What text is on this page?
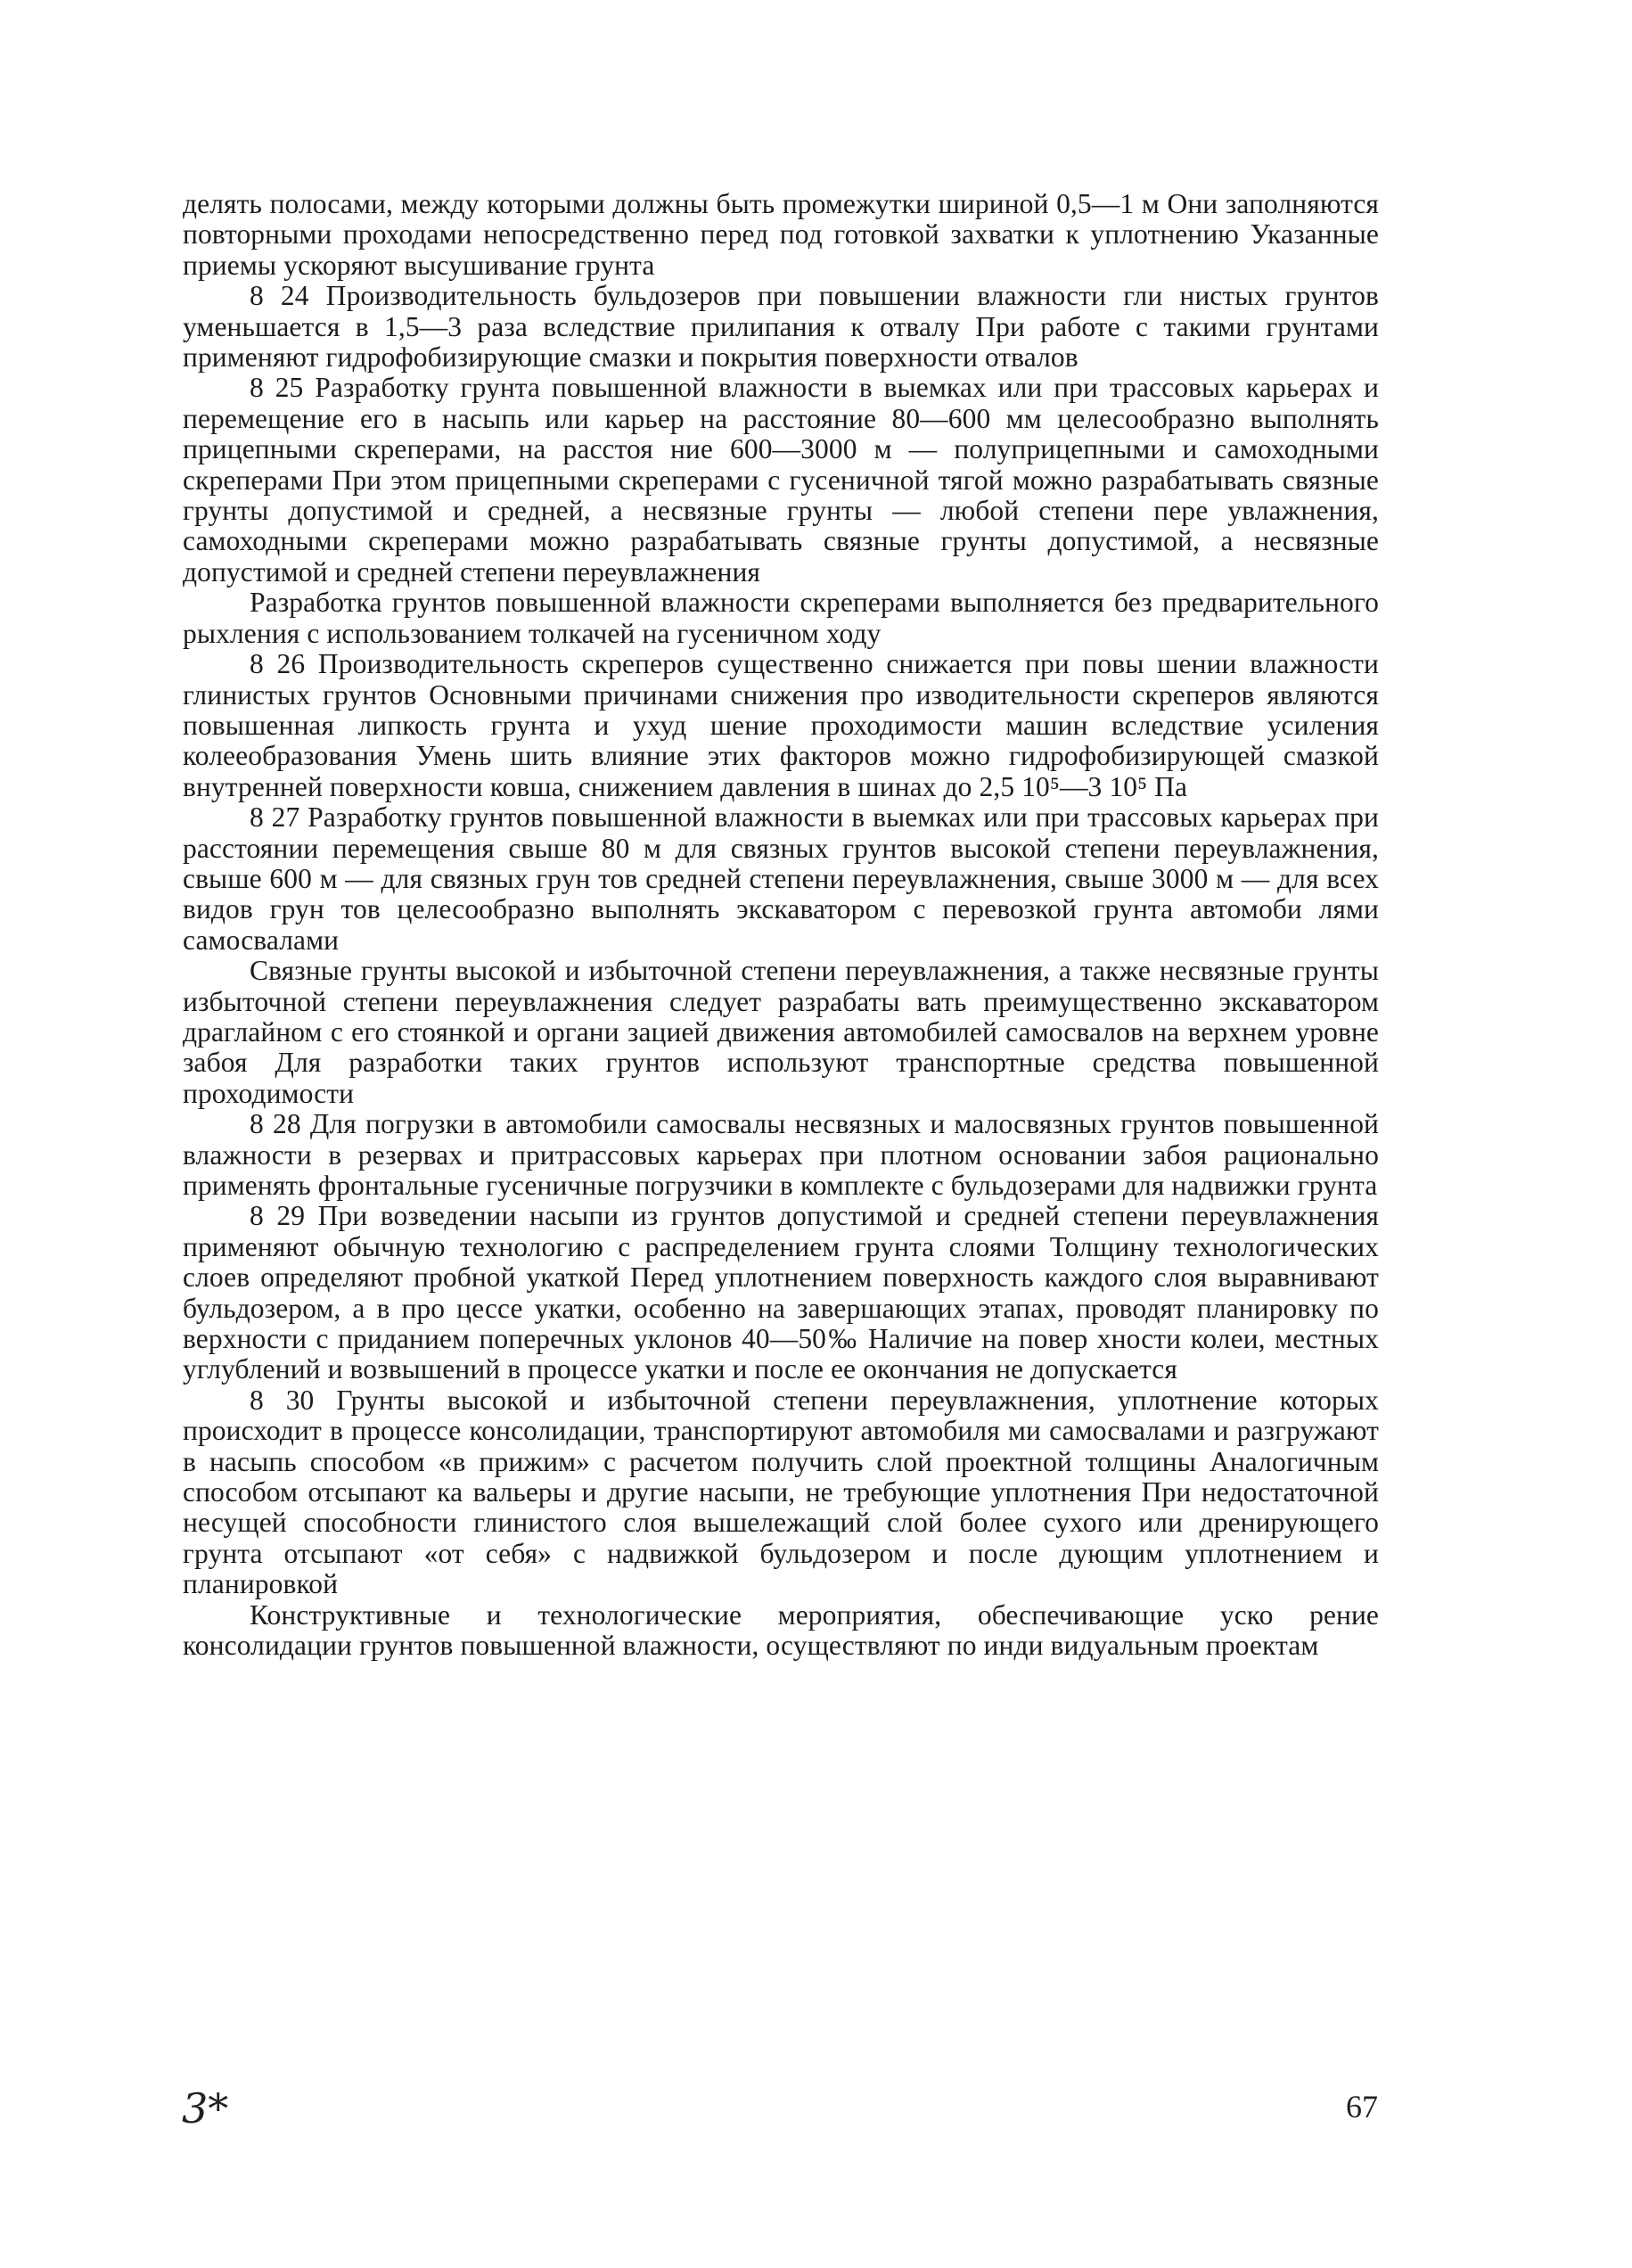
делять полосами, между которыми должны быть промежутки шириной 0,5—1 м Они заполняются повторными проходами непосредственно перед под готовкой захватки к уплотнению Указанные приемы ускоряют высушивание грунта

8 24 Производительность бульдозеров при повышении влажности гли нистых грунтов уменьшается в 1,5—3 раза вследствие прилипания к отвалу При работе с такими грунтами применяют гидрофобизирующие смазки и покрытия поверхности отвалов

8 25 Разработку грунта повышенной влажности в выемках или при трассовых карьерах и перемещение его в насыпь или карьер на расстояние 80—600 мм целесообразно выполнять прицепными скреперами, на расстоя ние 600—3000 м — полуприцепными и самоходными скреперами При этом прицепными скреперами с гусеничной тягой можно разрабатывать связные грунты допустимой и средней, а несвязные грунты — любой степени пере увлажнения, самоходными скреперами можно разрабатывать связные грунты допустимой, а несвязные допустимой и средней степени переувлажнения

Разработка грунтов повышенной влажности скреперами выполняется без предварительного рыхления с использованием толкачей на гусеничном ходу

8 26 Производительность скреперов существенно снижается при повы шении влажности глинистых грунтов Основными причинами снижения про изводительности скреперов являются повышенная липкость грунта и ухуд шение проходимости машин вследствие усиления колееобразования Умень шить влияние этих факторов можно гидрофобизирующей смазкой внутренней поверхности ковша, снижением давления в шинах до 2,5 10⁵—3 10⁵ Па

8 27 Разработку грунтов повышенной влажности в выемках или при трассовых карьерах при расстоянии перемещения свыше 80 м для связных грунтов высокой степени переувлажнения, свыше 600 м — для связных грун тов средней степени переувлажнения, свыше 3000 м — для всех видов грун тов целесообразно выполнять экскаватором с перевозкой грунта автомоби лями самосвалами

Связные грунты высокой и избыточной степени переувлажнения, а также несвязные грунты избыточной степени переувлажнения следует разрабаты вать преимущественно экскаватором драглайном с его стоянкой и органи зацией движения автомобилей самосвалов на верхнем уровне забоя Для разработки таких грунтов используют транспортные средства повышенной проходимости

8 28 Для погрузки в автомобили самосвалы несвязных и малосвязных грунтов повышенной влажности в резервах и притрассовых карьерах при плотном основании забоя рационально применять фронтальные гусеничные погрузчики в комплекте с бульдозерами для надвижки грунта

8 29 При возведении насыпи из грунтов допустимой и средней степени переувлажнения применяют обычную технологию с распределением грунта слоями Толщину технологических слоев определяют пробной укаткой Перед уплотнением поверхность каждого слоя выравнивают бульдозером, а в про цессе укатки, особенно на завершающих этапах, проводят планировку по верхности с приданием поперечных уклонов 40—50‰ Наличие на повер хности колеи, местных углублений и возвышений в процессе укатки и после ее окончания не допускается

8 30 Грунты высокой и избыточной степени переувлажнения, уплотнение которых происходит в процессе консолидации, транспортируют автомобиля ми самосвалами и разгружают в насыпь способом «в прижим» с расчетом получить слой проектной толщины Аналогичным способом отсыпают ка вальеры и другие насыпи, не требующие уплотнения При недостаточной несущей способности глинистого слоя вышележащий слой более сухого или дренирующего грунта отсыпают «от себя» с надвижкой бульдозером и после дующим уплотнением и планировкой

Конструктивные и технологические мероприятия, обеспечивающие уско рение консолидации грунтов повышенной влажности, осуществляют по инди видуальным проектам

3*	67
